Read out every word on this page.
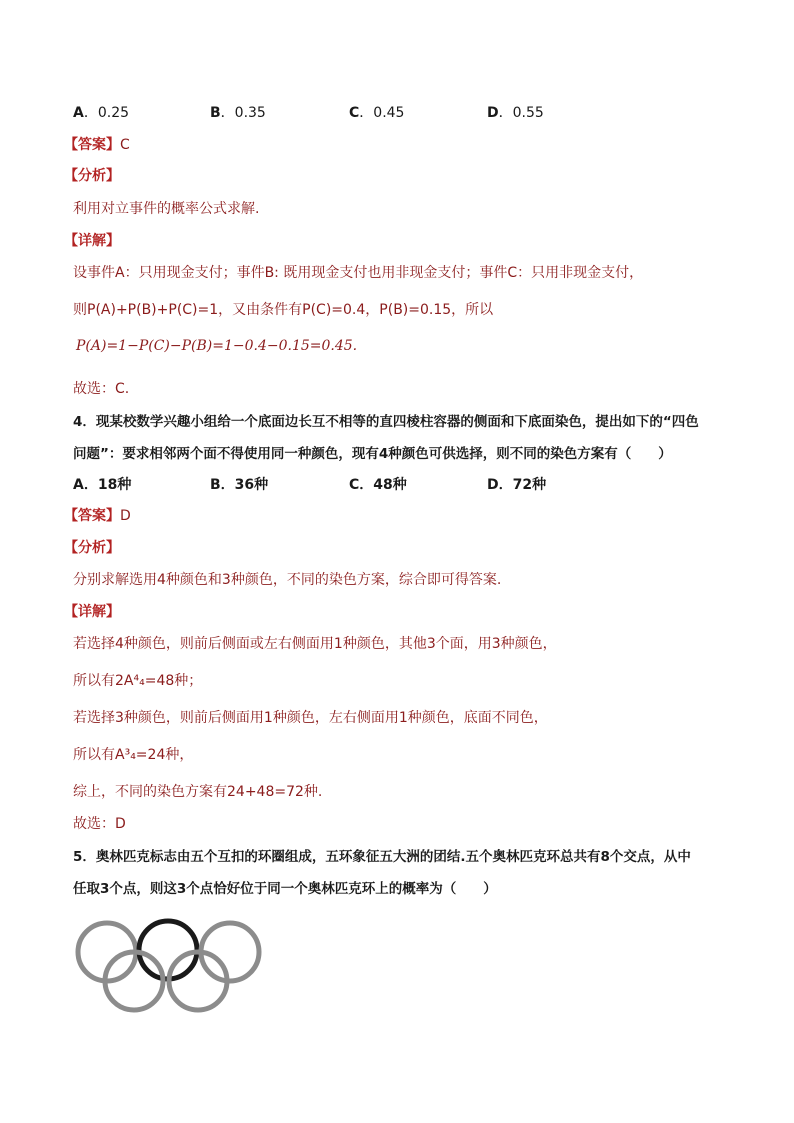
A．0.25	B．0.35	C．0.45	D．0.55
【答案】C
【分析】
利用对立事件的概率公式求解.
【详解】
设事件A：只用现金支付；事件B: 既用现金支付也用非现金支付；事件C：只用非现金支付，
则P(A)+P(B)+P(C)=1，又由条件有P(C)=0.4，P(B)=0.15，所以
P(A)=1−P(C)−P(B)=1−0.4−0.15=0.45.
故选：C.
4．现某校数学兴趣小组给一个底面边长互不相等的直四棱柱容器的侧面和下底面染色，提出如下的“四色
问题”：要求相邻两个面不得使用同一种颜色，现有4种颜色可供选择，则不同的染色方案有（　　）
A．18种	B．36种	C．48种	D．72种
【答案】D
【分析】
分别求解选用4种颜色和3种颜色，不同的染色方案，综合即可得答案.
【详解】
若选择4种颜色，则前后侧面或左右侧面用1种颜色，其他3个面，用3种颜色，
所以有2A⁴₄=48种；
若选择3种颜色，则前后侧面用1种颜色，左右侧面用1种颜色，底面不同色，
所以有A³₄=24种，
综上，不同的染色方案有24+48=72种.
故选：D
5．奥林匹克标志由五个互扣的环圈组成，五环象征五大洲的团结.五个奥林匹克环总共有8个交点，从中
任取3个点，则这3个点恰好位于同一个奥林匹克环上的概率为（　　）
